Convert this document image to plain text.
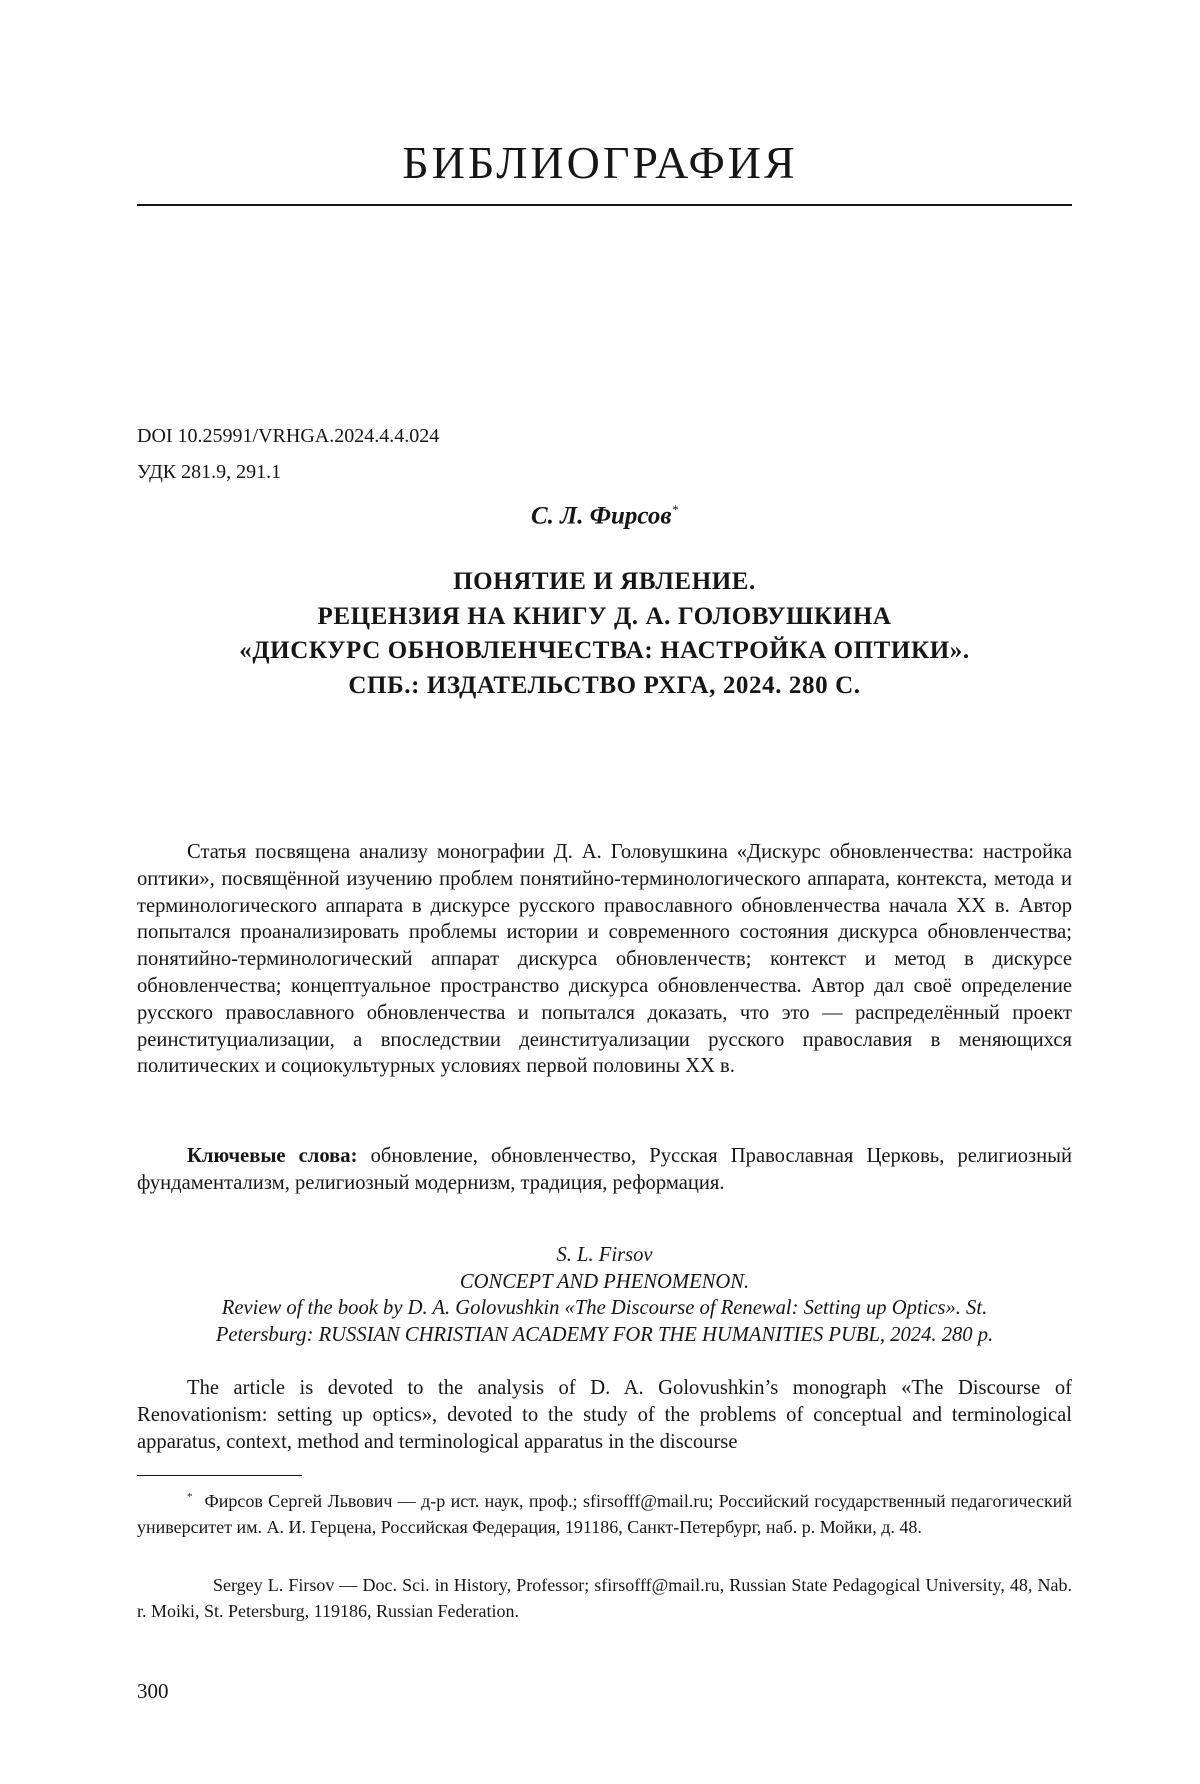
БИБЛИОГРАФИЯ
DOI 10.25991/VRHGA.2024.4.4.024
УДК 281.9, 291.1
С. Л. Фирсов*
ПОНЯТИЕ И ЯВЛЕНИЕ.
РЕЦЕНЗИЯ НА КНИГУ Д. А. ГОЛОВУШКИНА
«ДИСКУРС ОБНОВЛЕНЧЕСТВА: НАСТРОЙКА ОПТИКИ».
СПБ.: ИЗДАТЕЛЬСТВО РХГА, 2024. 280 С.

Статья посвящена анализу монографии Д. А. Головушкина «Дискурс обновленчества: настройка оптики», посвящённой изучению проблем понятийно-терминологического аппарата, контекста, метода и терминологического аппарата в дискурсе русского православного обновленчества начала XX в. Автор попытался проанализировать проблемы истории и современного состояния дискурса обновленчества; понятийно-терминологический аппарат дискурса обновленчеств; контекст и метод в дискурсе обновленчества; концептуальное пространство дискурса обновленчества. Автор дал своё определение русского православного обновленчества и попытался доказать, что это — распределённый проект реинституциализации, а впоследствии деинституализации русского православия в меняющихся политических и социокультурных условиях первой половины XX в.

Ключевые слова: обновление, обновленчество, Русская Православная Церковь, религиозный фундаментализм, религиозный модернизм, традиция, реформация.

S. L. Firsov
CONCEPT AND PHENOMENON.
Review of the book by D. A. Golovushkin «The Discourse of Renewal: Setting up Optics». St.
Petersburg: RUSSIAN CHRISTIAN ACADEMY FOR THE HUMANITIES PUBL, 2024. 280 p.

The article is devoted to the analysis of D. A. Golovushkin’s monograph «The Discourse of Renovationism: setting up optics», devoted to the study of the problems of conceptual and terminological apparatus, context, method and terminological apparatus in the discourse

* Фирсов Сергей Львович — д-р ист. наук, проф.; sfirsofff@mail.ru; Российский государственный педагогический университет им. А. И. Герцена, Российская Федерация, 191186, Санкт-Петербург, наб. р. Мойки, д. 48.

Sergey L. Firsov — Doc. Sci. in History, Professor; sfirsofff@mail.ru, Russian State Pedagogical University, 48, Nab. r. Moiki, St. Petersburg, 119186, Russian Federation.

300
